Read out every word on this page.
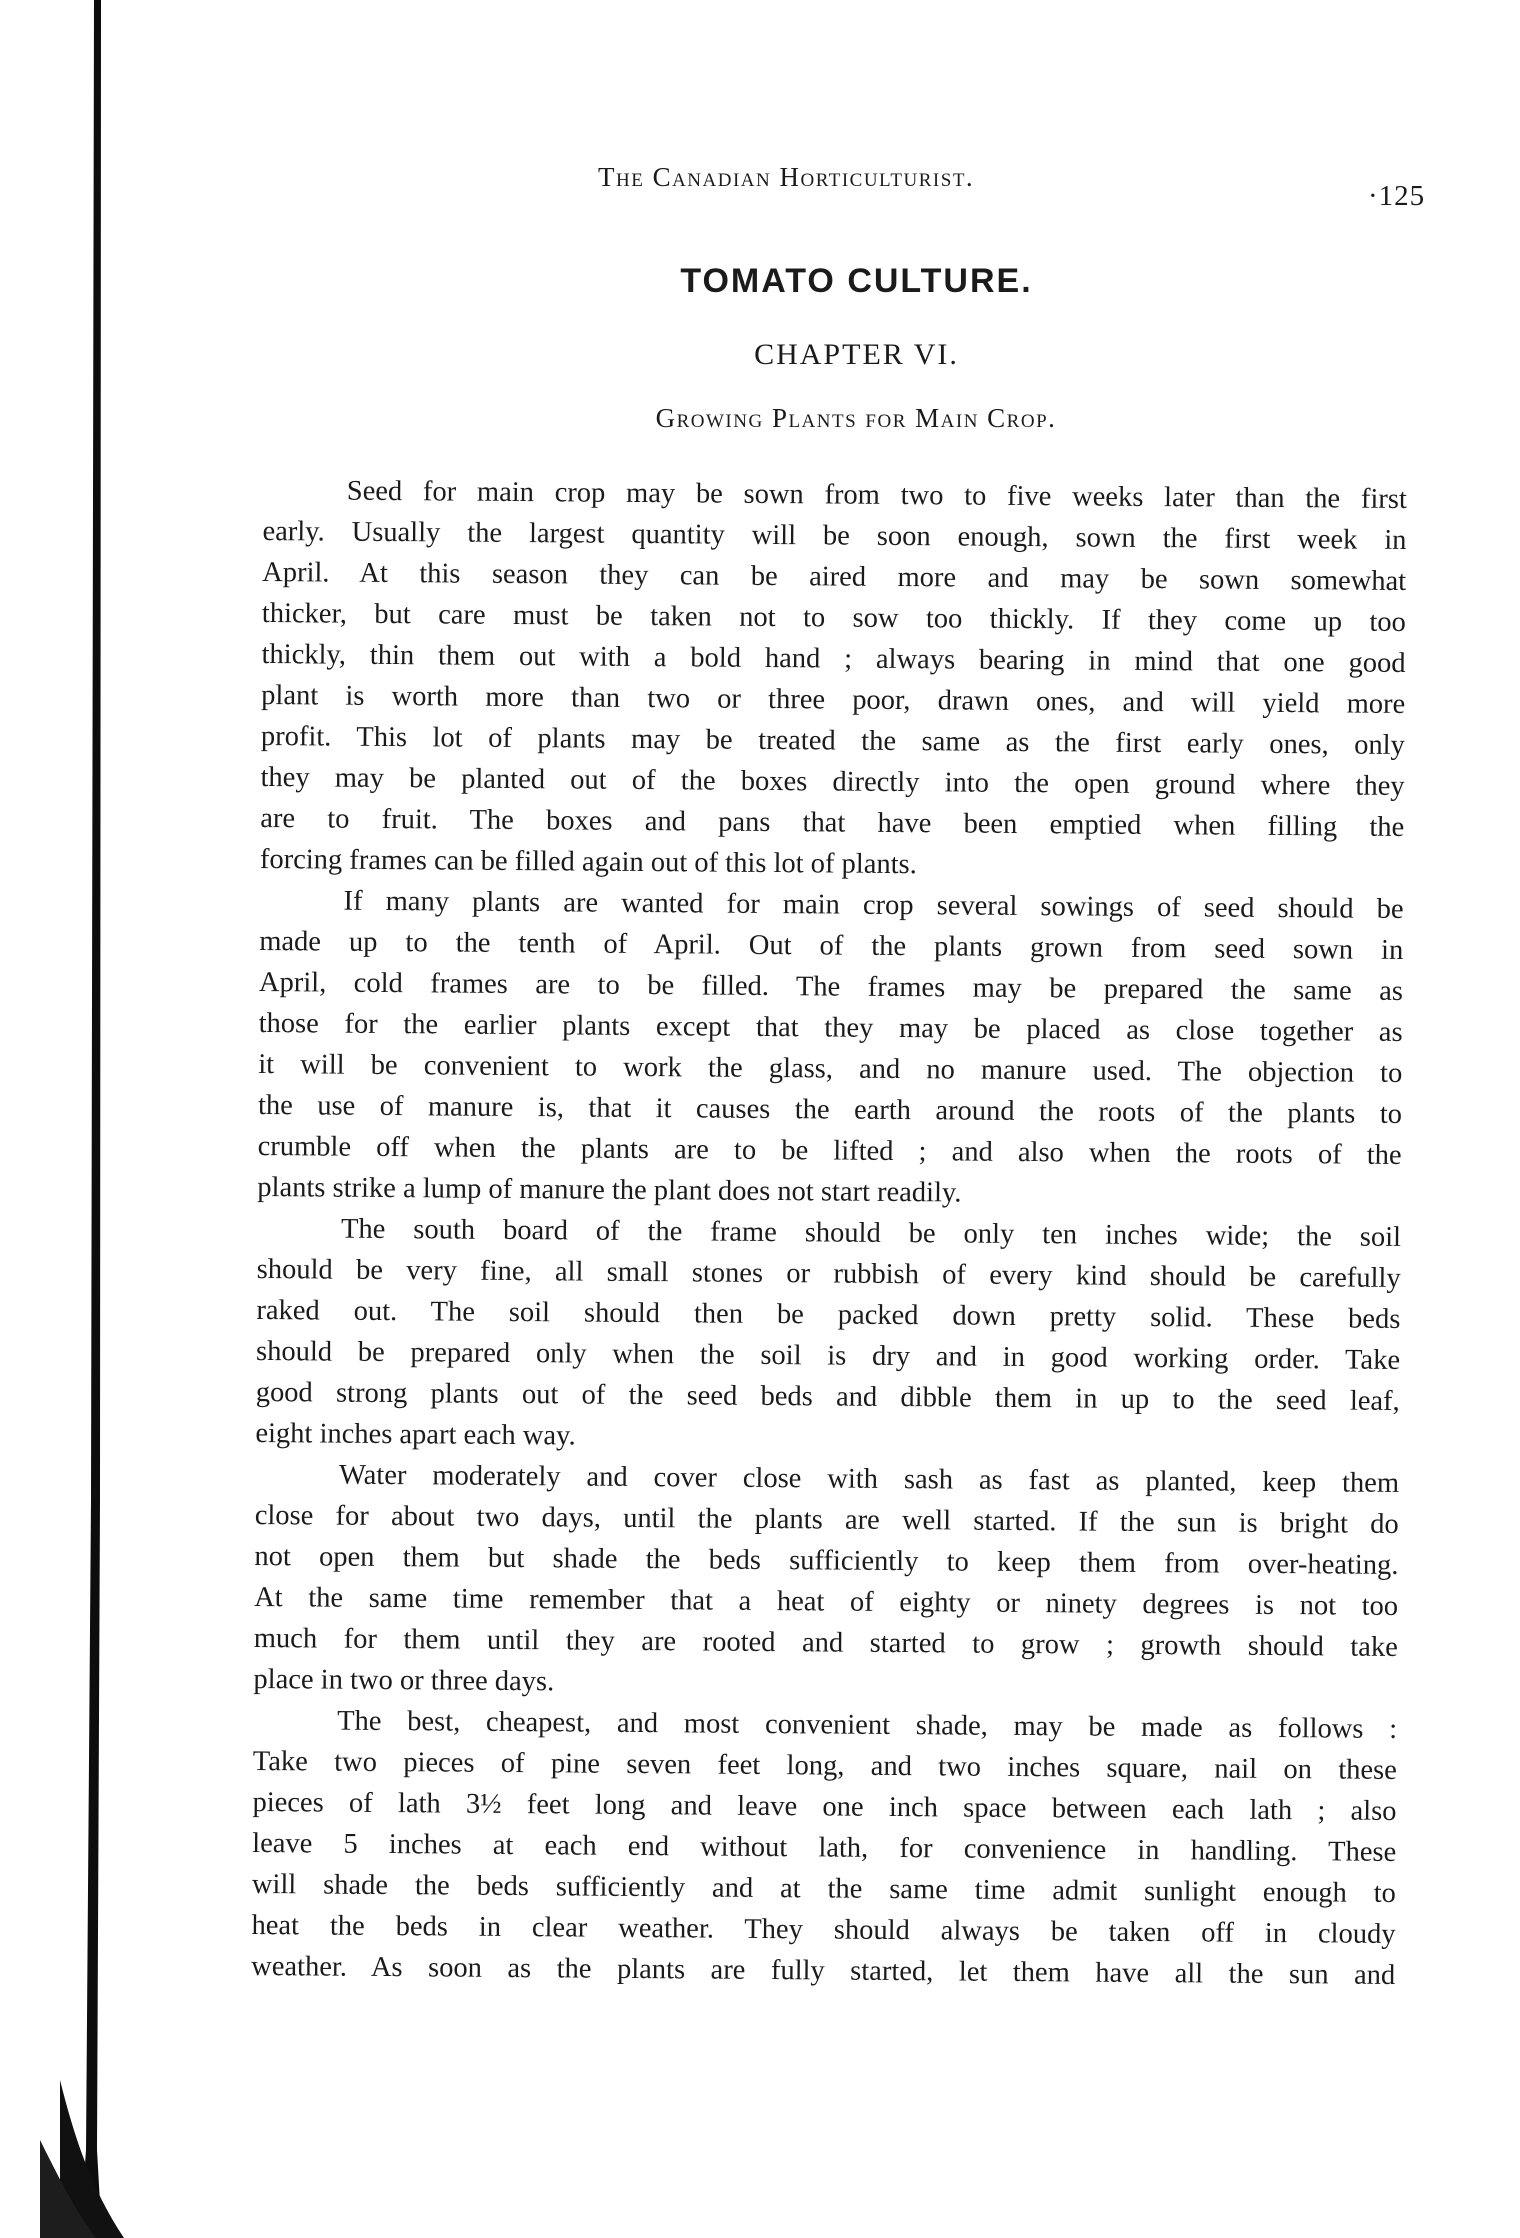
The Canadian Horticulturist.
·125
TOMATO CULTURE.
CHAPTER VI.
Growing Plants for Main Crop.
Seed for main crop may be sown from two to five weeks later than the first
early. Usually the largest quantity will be soon enough, sown the first week in
April. At this season they can be aired more and may be sown somewhat
thicker, but care must be taken not to sow too thickly. If they come up too
thickly, thin them out with a bold hand ; always bearing in mind that one good
plant is worth more than two or three poor, drawn ones, and will yield more
profit. This lot of plants may be treated the same as the first early ones, only
they may be planted out of the boxes directly into the open ground where they
are to fruit. The boxes and pans that have been emptied when filling the
forcing frames can be filled again out of this lot of plants.
If many plants are wanted for main crop several sowings of seed should be
made up to the tenth of April. Out of the plants grown from seed sown in
April, cold frames are to be filled. The frames may be prepared the same as
those for the earlier plants except that they may be placed as close together as
it will be convenient to work the glass, and no manure used. The objection to
the use of manure is, that it causes the earth around the roots of the plants to
crumble off when the plants are to be lifted ; and also when the roots of the
plants strike a lump of manure the plant does not start readily.
The south board of the frame should be only ten inches wide; the soil
should be very fine, all small stones or rubbish of every kind should be carefully
raked out. The soil should then be packed down pretty solid. These beds
should be prepared only when the soil is dry and in good working order. Take
good strong plants out of the seed beds and dibble them in up to the seed leaf,
eight inches apart each way.
Water moderately and cover close with sash as fast as planted, keep them
close for about two days, until the plants are well started. If the sun is bright do
not open them but shade the beds sufficiently to keep them from over-heating.
At the same time remember that a heat of eighty or ninety degrees is not too
much for them until they are rooted and started to grow ; growth should take
place in two or three days.
The best, cheapest, and most convenient shade, may be made as follows :
Take two pieces of pine seven feet long, and two inches square, nail on these
pieces of lath 3½ feet long and leave one inch space between each lath ; also
leave 5 inches at each end without lath, for convenience in handling. These
will shade the beds sufficiently and at the same time admit sunlight enough to
heat the beds in clear weather. They should always be taken off in cloudy
weather. As soon as the plants are fully started, let them have all the sun and
